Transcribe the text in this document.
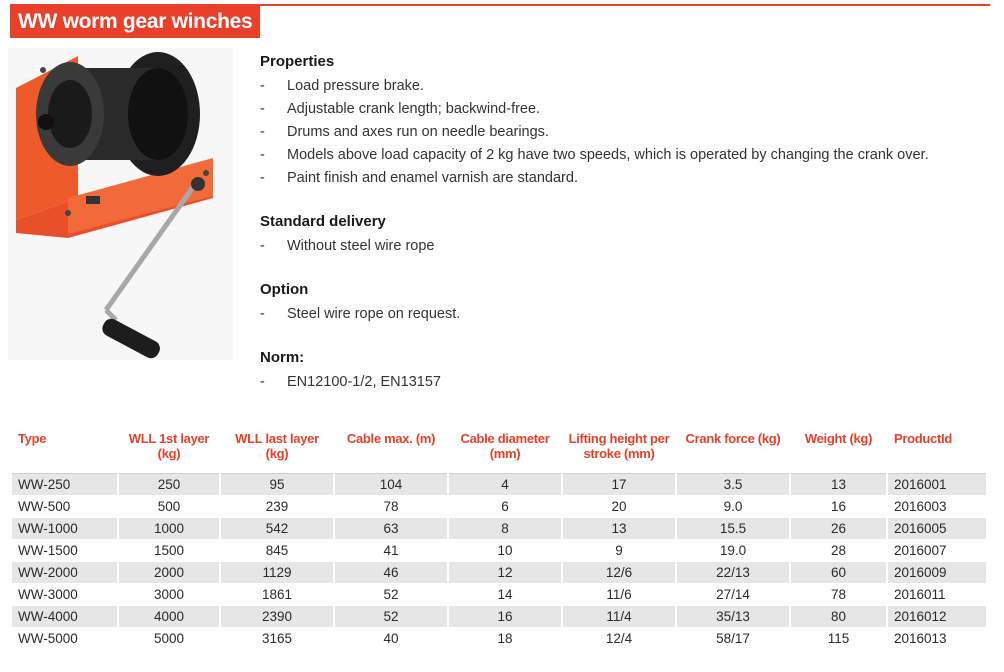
WW worm gear winches
Properties
- Load pressure brake.
- Adjustable crank length; backwind-free.
- Drums and axes run on needle bearings.
- Models above load capacity of 2 kg have two speeds, which is operated by changing the crank over.
- Paint finish and enamel varnish are standard.
Standard delivery
- Without steel wire rope
Option
- Steel wire rope on request.
Norm:
- EN12100-1/2, EN13157
Type	WLL 1st layer (kg)	WLL last layer (kg)	Cable max. (m)	Cable diameter (mm)	Lifting height per stroke (mm)	Crank force (kg)	Weight (kg)	ProductId
WW-250	250	95	104	4	17	3.5	13	2016001
WW-500	500	239	78	6	20	9.0	16	2016003
WW-1000	1000	542	63	8	13	15.5	26	2016005
WW-1500	1500	845	41	10	9	19.0	28	2016007
WW-2000	2000	1129	46	12	12/6	22/13	60	2016009
WW-3000	3000	1861	52	14	11/6	27/14	78	2016011
WW-4000	4000	2390	52	16	11/4	35/13	80	2016012
WW-5000	5000	3165	40	18	12/4	58/17	115	2016013
